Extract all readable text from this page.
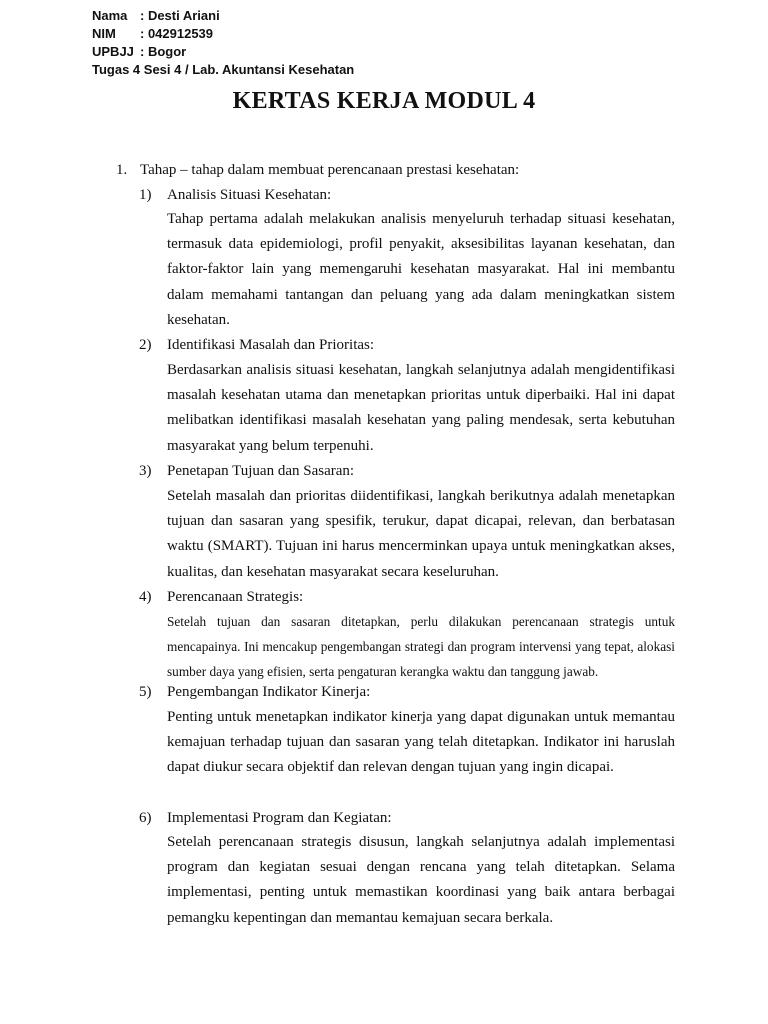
Nama : Desti Ariani
NIM : 042912539
UPBJJ : Bogor
Tugas 4 Sesi 4 / Lab. Akuntansi Kesehatan
KERTAS KERJA MODUL 4
1. Tahap – tahap dalam membuat perencanaan prestasi kesehatan:
1) Analisis Situasi Kesehatan:
Tahap pertama adalah melakukan analisis menyeluruh terhadap situasi kesehatan, termasuk data epidemiologi, profil penyakit, aksesibilitas layanan kesehatan, dan faktor-faktor lain yang memengaruhi kesehatan masyarakat. Hal ini membantu dalam memahami tantangan dan peluang yang ada dalam meningkatkan sistem kesehatan.
2) Identifikasi Masalah dan Prioritas:
Berdasarkan analisis situasi kesehatan, langkah selanjutnya adalah mengidentifikasi masalah kesehatan utama dan menetapkan prioritas untuk diperbaiki. Hal ini dapat melibatkan identifikasi masalah kesehatan yang paling mendesak, serta kebutuhan masyarakat yang belum terpenuhi.
3) Penetapan Tujuan dan Sasaran:
Setelah masalah dan prioritas diidentifikasi, langkah berikutnya adalah menetapkan tujuan dan sasaran yang spesifik, terukur, dapat dicapai, relevan, dan berbatasan waktu (SMART). Tujuan ini harus mencerminkan upaya untuk meningkatkan akses, kualitas, dan kesehatan masyarakat secara keseluruhan.
4) Perencanaan Strategis:
Setelah tujuan dan sasaran ditetapkan, perlu dilakukan perencanaan strategis untuk mencapainya. Ini mencakup pengembangan strategi dan program intervensi yang tepat, alokasi sumber daya yang efisien, serta pengaturan kerangka waktu dan tanggung jawab.
5) Pengembangan Indikator Kinerja:
Penting untuk menetapkan indikator kinerja yang dapat digunakan untuk memantau kemajuan terhadap tujuan dan sasaran yang telah ditetapkan. Indikator ini haruslah dapat diukur secara objektif dan relevan dengan tujuan yang ingin dicapai.
6) Implementasi Program dan Kegiatan:
Setelah perencanaan strategis disusun, langkah selanjutnya adalah implementasi program dan kegiatan sesuai dengan rencana yang telah ditetapkan. Selama implementasi, penting untuk memastikan koordinasi yang baik antara berbagai pemangku kepentingan dan memantau kemajuan secara berkala.
